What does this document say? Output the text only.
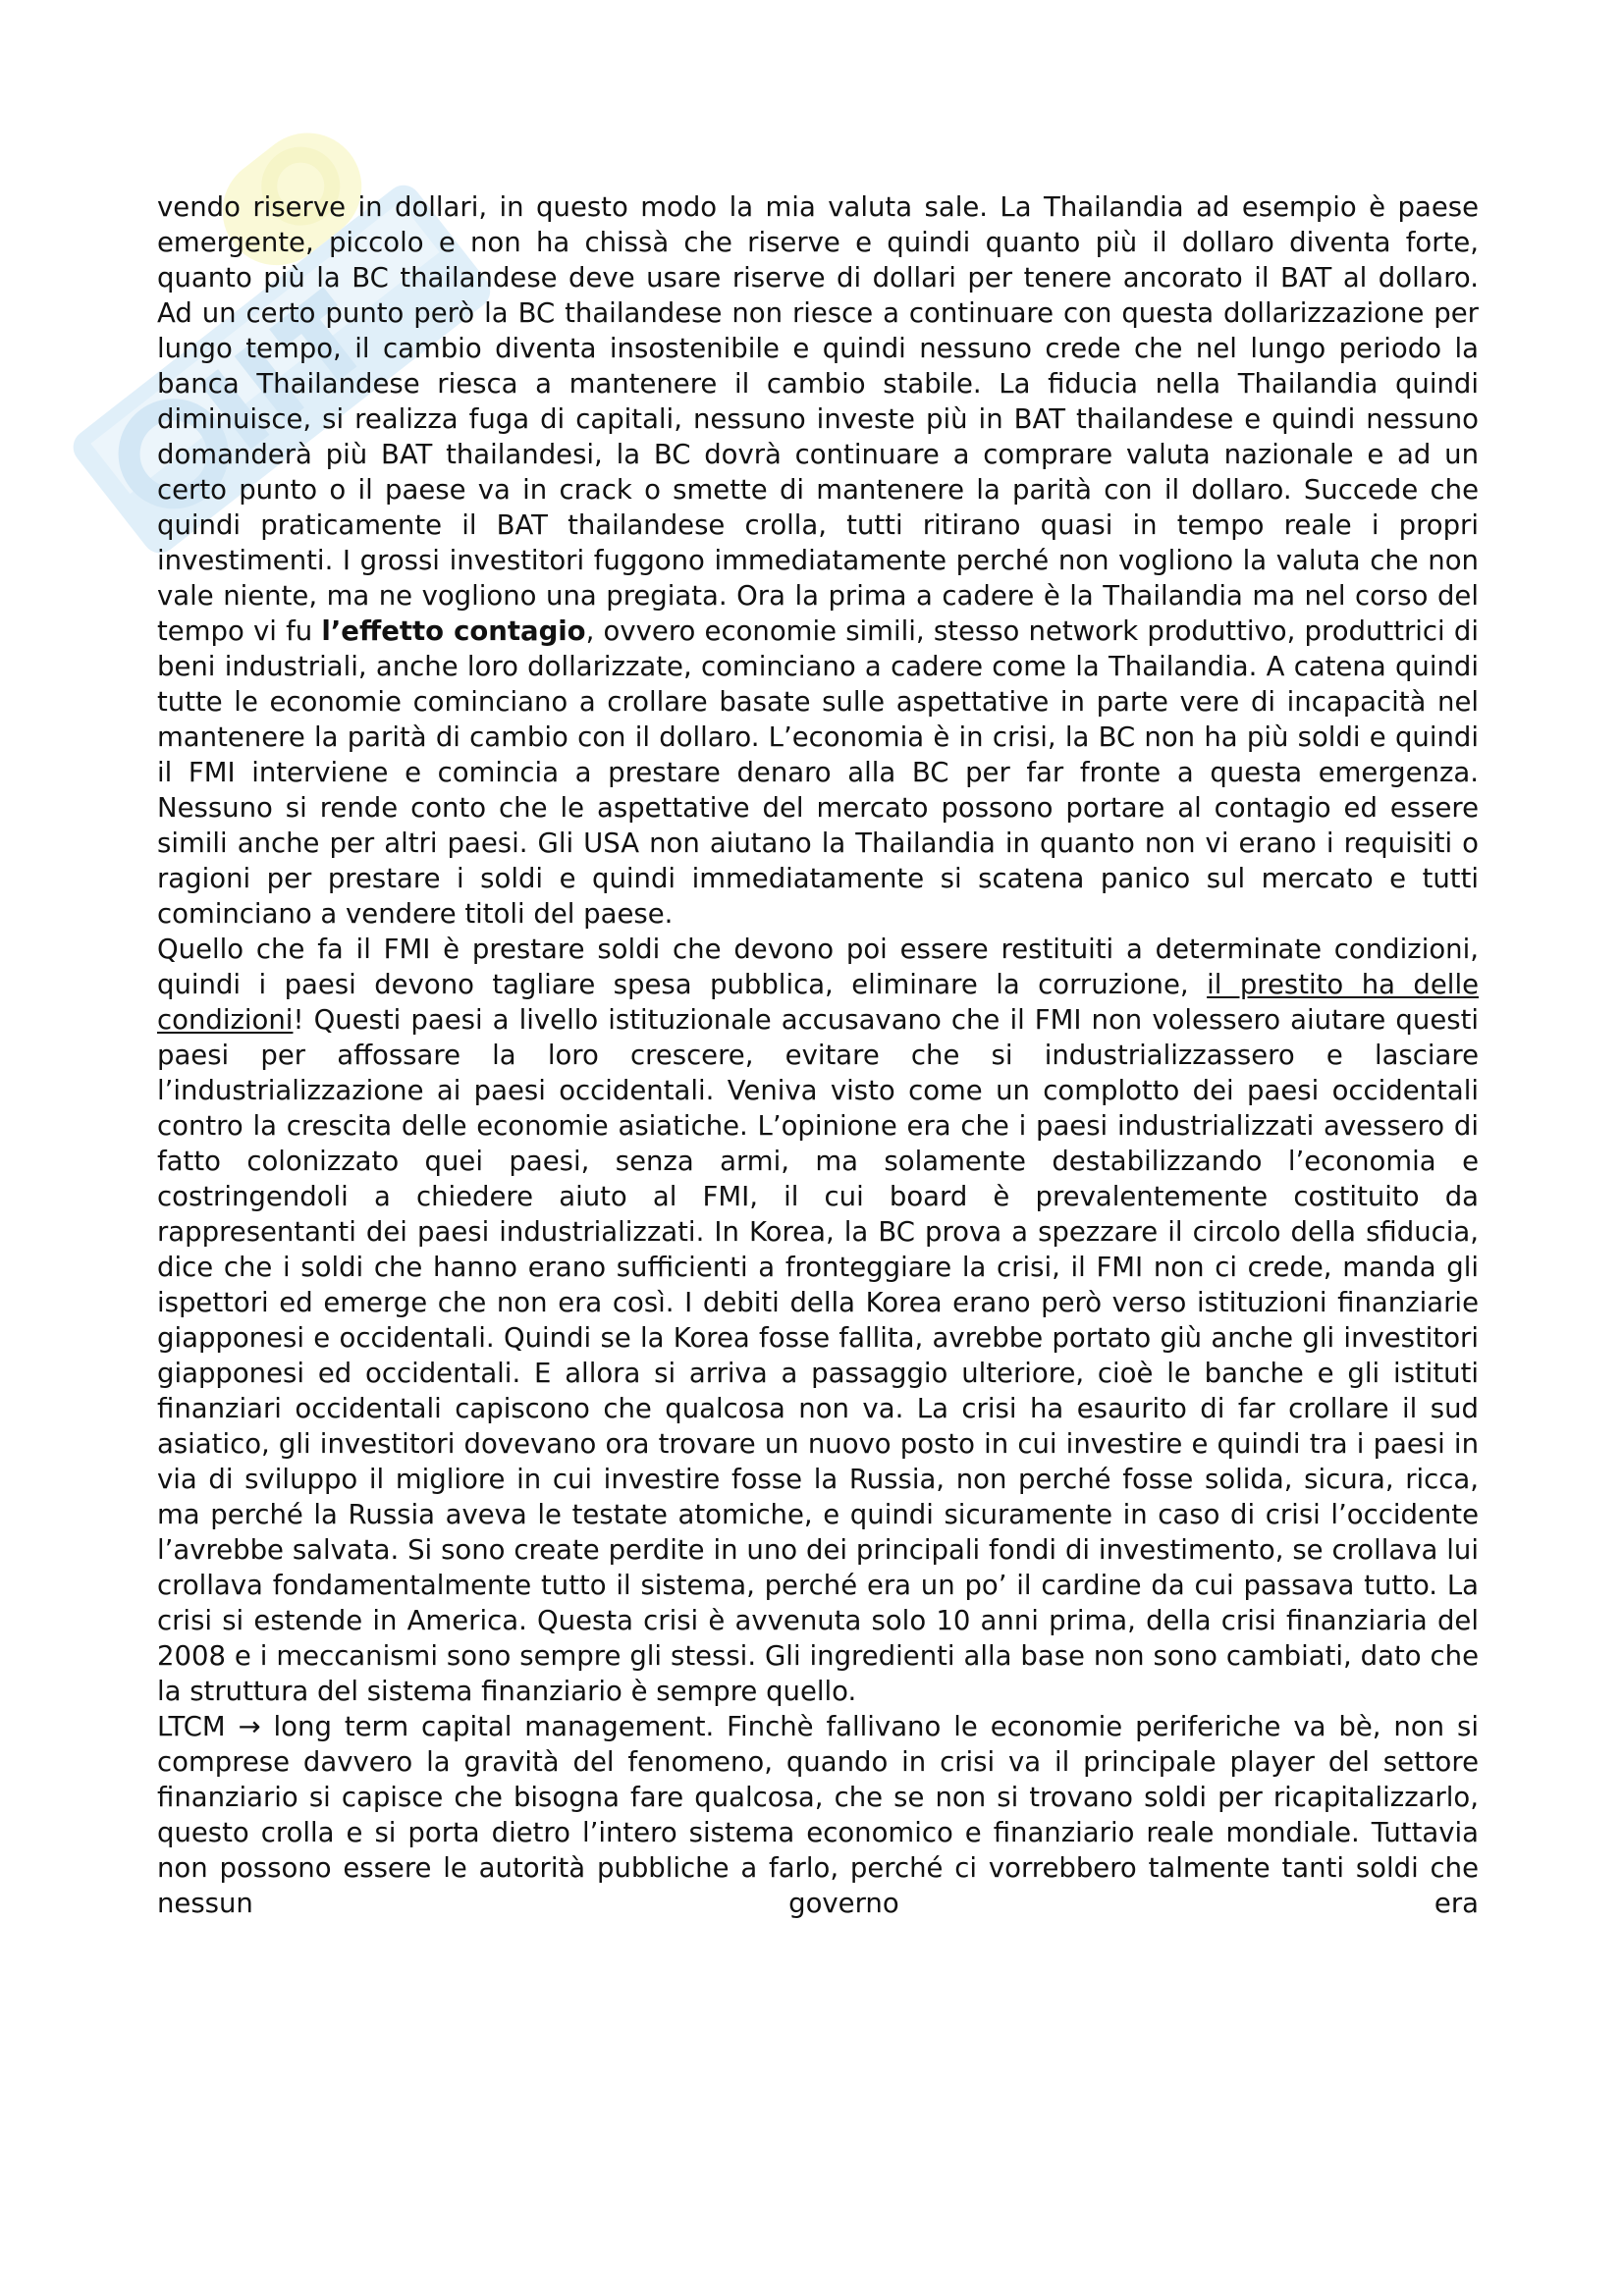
vendo riserve in dollari, in questo modo la mia valuta sale. La Thailandia ad esempio è paese emergente, piccolo e non ha chissà che riserve e quindi quanto più il dollaro diventa forte, quanto più la BC thailandese deve usare riserve di dollari per tenere ancorato il BAT al dollaro. Ad un certo punto però la BC thailandese non riesce a continuare con questa dollarizzazione per lungo tempo, il cambio diventa insostenibile e quindi nessuno crede che nel lungo periodo la banca Thailandese riesca a mantenere il cambio stabile. La fiducia nella Thailandia quindi diminuisce, si realizza fuga di capitali, nessuno investe più in BAT thailandese e quindi nessuno domanderà più BAT thailandesi, la BC dovrà continuare a comprare valuta nazionale e ad un certo punto o il paese va in crack o smette di mantenere la parità con il dollaro. Succede che quindi praticamente il BAT thailandese crolla, tutti ritirano quasi in tempo reale i propri investimenti. I grossi investitori fuggono immediatamente perché non vogliono la valuta che non vale niente, ma ne vogliono una pregiata. Ora la prima a cadere è la Thailandia ma nel corso del tempo vi fu l’effetto contagio, ovvero economie simili, stesso network produttivo, produttrici di beni industriali, anche loro dollarizzate, cominciano a cadere come la Thailandia. A catena quindi tutte le economie cominciano a crollare basate sulle aspettative in parte vere di incapacità nel mantenere la parità di cambio con il dollaro. L’economia è in crisi, la BC non ha più soldi e quindi il FMI interviene e comincia a prestare denaro alla BC per far fronte a questa emergenza. Nessuno si rende conto che le aspettative del mercato possono portare al contagio ed essere simili anche per altri paesi. Gli USA non aiutano la Thailandia in quanto non vi erano i requisiti o ragioni per prestare i soldi e quindi immediatamente si scatena panico sul mercato e tutti cominciano a vendere titoli del paese.

Quello che fa il FMI è prestare soldi che devono poi essere restituiti a determinate condizioni, quindi i paesi devono tagliare spesa pubblica, eliminare la corruzione, il prestito ha delle condizioni! Questi paesi a livello istituzionale accusavano che il FMI non volessero aiutare questi paesi per affossare la loro crescere, evitare che si industrializzassero e lasciare l’industrializzazione ai paesi occidentali. Veniva visto come un complotto dei paesi occidentali contro la crescita delle economie asiatiche. L’opinione era che i paesi industrializzati avessero di fatto colonizzato quei paesi, senza armi, ma solamente destabilizzando l’economia e costringendoli a chiedere aiuto al FMI, il cui board è prevalentemente costituito da rappresentanti dei paesi industrializzati. In Korea, la BC prova a spezzare il circolo della sfiducia, dice che i soldi che hanno erano sufficienti a fronteggiare la crisi, il FMI non ci crede, manda gli ispettori ed emerge che non era così. I debiti della Korea erano però verso istituzioni finanziarie giapponesi e occidentali. Quindi se la Korea fosse fallita, avrebbe portato giù anche gli investitori giapponesi ed occidentali. E allora si arriva a passaggio ulteriore, cioè le banche e gli istituti finanziari occidentali capiscono che qualcosa non va. La crisi ha esaurito di far crollare il sud asiatico, gli investitori dovevano ora trovare un nuovo posto in cui investire e quindi tra i paesi in via di sviluppo il migliore in cui investire fosse la Russia, non perché fosse solida, sicura, ricca, ma perché la Russia aveva le testate atomiche, e quindi sicuramente in caso di crisi l’occidente l’avrebbe salvata. Si sono create perdite in uno dei principali fondi di investimento, se crollava lui crollava fondamentalmente tutto il sistema, perché era un po’ il cardine da cui passava tutto. La crisi si estende in America. Questa crisi è avvenuta solo 10 anni prima, della crisi finanziaria del 2008 e i meccanismi sono sempre gli stessi. Gli ingredienti alla base non sono cambiati, dato che la struttura del sistema finanziario è sempre quello.

LTCM → long term capital management. Finchè fallivano le economie periferiche va bè, non si comprese davvero la gravità del fenomeno, quando in crisi va il principale player del settore finanziario si capisce che bisogna fare qualcosa, che se non si trovano soldi per ricapitalizzarlo, questo crolla e si porta dietro l’intero sistema economico e finanziario reale mondiale. Tuttavia non possono essere le autorità pubbliche a farlo, perché ci vorrebbero talmente tanti soldi che nessun governo era
